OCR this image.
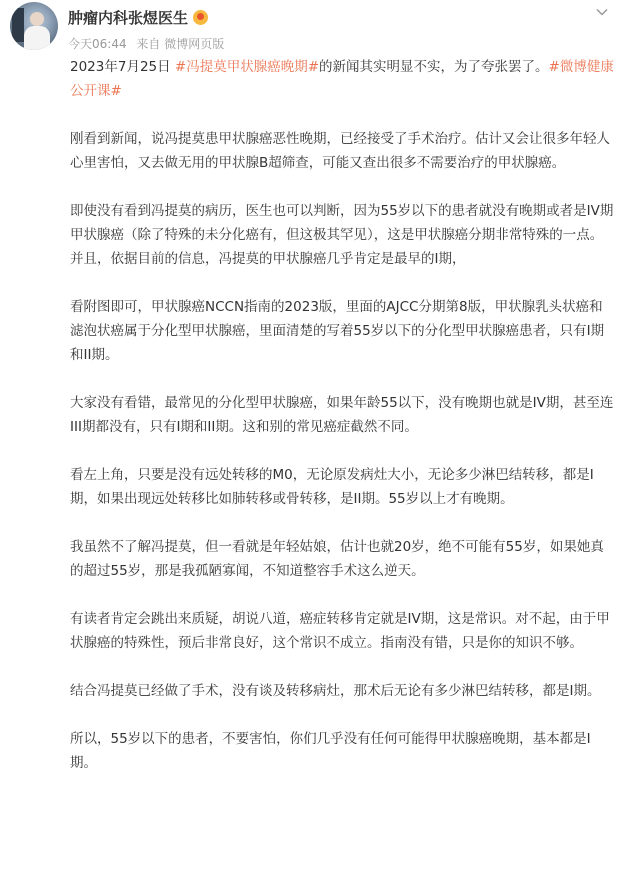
肿瘤内科张煜医生
今天06:44 来自 微博网页版

2023年7月25日 #冯提莫甲状腺癌晚期#的新闻其实明显不实，为了夸张罢了。#微博健康公开课#

刚看到新闻，说冯提莫患甲状腺癌恶性晚期，已经接受了手术治疗。估计又会让很多年轻人心里害怕，又去做无用的甲状腺B超筛查，可能又查出很多不需要治疗的甲状腺癌。

即使没有看到冯提莫的病历，医生也可以判断，因为55岁以下的患者就没有晚期或者是IV期甲状腺癌（除了特殊的未分化癌有，但这极其罕见），这是甲状腺癌分期非常特殊的一点。并且，依据目前的信息，冯提莫的甲状腺癌几乎肯定是最早的I期，

看附图即可，甲状腺癌NCCN指南的2023版，里面的AJCC分期第8版，甲状腺乳头状癌和滤泡状癌属于分化型甲状腺癌，里面清楚的写着55岁以下的分化型甲状腺癌患者，只有I期和II期。

大家没有看错，最常见的分化型甲状腺癌，如果年龄55以下，没有晚期也就是IV期，甚至连III期都没有，只有I期和II期。这和别的常见癌症截然不同。

看左上角，只要是没有远处转移的M0，无论原发病灶大小，无论多少淋巴结转移，都是I期，如果出现远处转移比如肺转移或骨转移，是II期。55岁以上才有晚期。

我虽然不了解冯提莫，但一看就是年轻姑娘，估计也就20岁，绝不可能有55岁，如果她真的超过55岁，那是我孤陋寡闻，不知道整容手术这么逆天。

有读者肯定会跳出来质疑，胡说八道，癌症转移肯定就是IV期，这是常识。对不起，由于甲状腺癌的特殊性，预后非常良好，这个常识不成立。指南没有错，只是你的知识不够。

结合冯提莫已经做了手术，没有谈及转移病灶，那术后无论有多少淋巴结转移，都是I期。

所以，55岁以下的患者，不要害怕，你们几乎没有任何可能得甲状腺癌晚期，基本都是I期。
